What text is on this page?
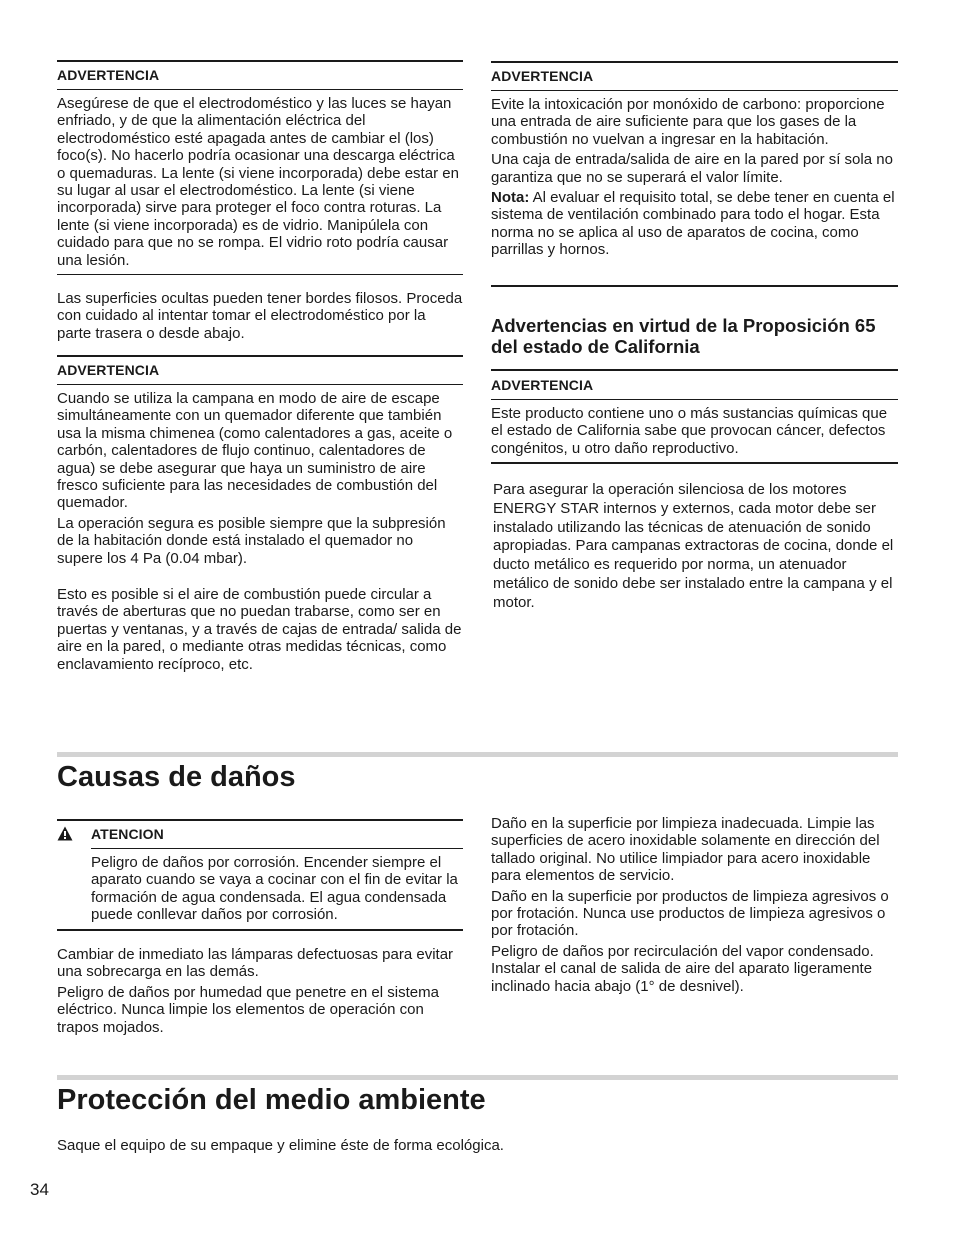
ADVERTENCIA

Asegúrese de que el electrodoméstico y las luces se hayan enfriado, y de que la alimentación eléctrica del electrodoméstico esté apagada antes de cambiar el (los) foco(s). No hacerlo podría ocasionar una descarga eléctrica o quemaduras. La lente (si viene incorporada) debe estar en su lugar al usar el electrodoméstico. La lente (si viene incorporada) sirve para proteger el foco contra roturas. La lente (si viene incorporada) es de vidrio. Manipúlela con cuidado para que no se rompa. El vidrio roto podría causar una lesión.

Las superficies ocultas pueden tener bordes filosos. Proceda con cuidado al intentar tomar el electrodoméstico por la parte trasera o desde abajo.

ADVERTENCIA

Cuando se utiliza la campana en modo de aire de escape simultáneamente con un quemador diferente que también usa la misma chimenea (como calentadores a gas, aceite o carbón, calentadores de flujo continuo, calentadores de agua) se debe asegurar que haya un suministro de aire fresco suficiente para las necesidades de combustión del quemador.

La operación segura es posible siempre que la subpresión de la habitación donde está instalado el quemador no supere los 4 Pa (0.04 mbar).

Esto es posible si el aire de combustión puede circular a través de aberturas que no puedan trabarse, como ser en puertas y ventanas, y a través de cajas de entrada/ salida de aire en la pared, o mediante otras medidas técnicas, como enclavamiento recíproco, etc.

ADVERTENCIA

Evite la intoxicación por monóxido de carbono: proporcione una entrada de aire suficiente para que los gases de la combustión no vuelvan a ingresar en la habitación.

Una caja de entrada/salida de aire en la pared por sí sola no garantiza que no se superará el valor límite.

Nota: Al evaluar el requisito total, se debe tener en cuenta el sistema de ventilación combinado para todo el hogar. Esta norma no se aplica al uso de aparatos de cocina, como parrillas y hornos.

Advertencias en virtud de la Proposición 65 del estado de California
ADVERTENCIA

Este producto contiene uno o más sustancias químicas que el estado de California sabe que provocan cáncer, defectos congénitos, u otro daño reproductivo.

Para asegurar la operación silenciosa de los motores ENERGY STAR internos y externos, cada motor debe ser instalado utilizando las técnicas de atenuación de sonido apropiadas. Para campanas extractoras de cocina, donde el ducto metálico es requerido por norma, un atenuador metálico de sonido debe ser instalado entre la campana y el motor.

Causas de daños
ATENCION

Peligro de daños por corrosión. Encender siempre el aparato cuando se vaya a cocinar con el fin de evitar la formación de agua condensada. El agua condensada puede conllevar daños por corrosión.

Cambiar de inmediato las lámparas defectuosas para evitar una sobrecarga en las demás.

Peligro de daños por humedad que penetre en el sistema eléctrico. Nunca limpie los elementos de operación con trapos mojados.

Daño en la superficie por limpieza inadecuada. Limpie las superficies de acero inoxidable solamente en dirección del tallado original. No utilice limpiador para acero inoxidable para elementos de servicio.

Daño en la superficie por productos de limpieza agresivos o por frotación. Nunca use productos de limpieza agresivos o por frotación.

Peligro de daños por recirculación del vapor condensado. Instalar el canal de salida de aire del aparato ligeramente inclinado hacia abajo (1° de desnivel).

Protección del medio ambiente

Saque el equipo de su empaque y elimine éste de forma ecológica.

34
